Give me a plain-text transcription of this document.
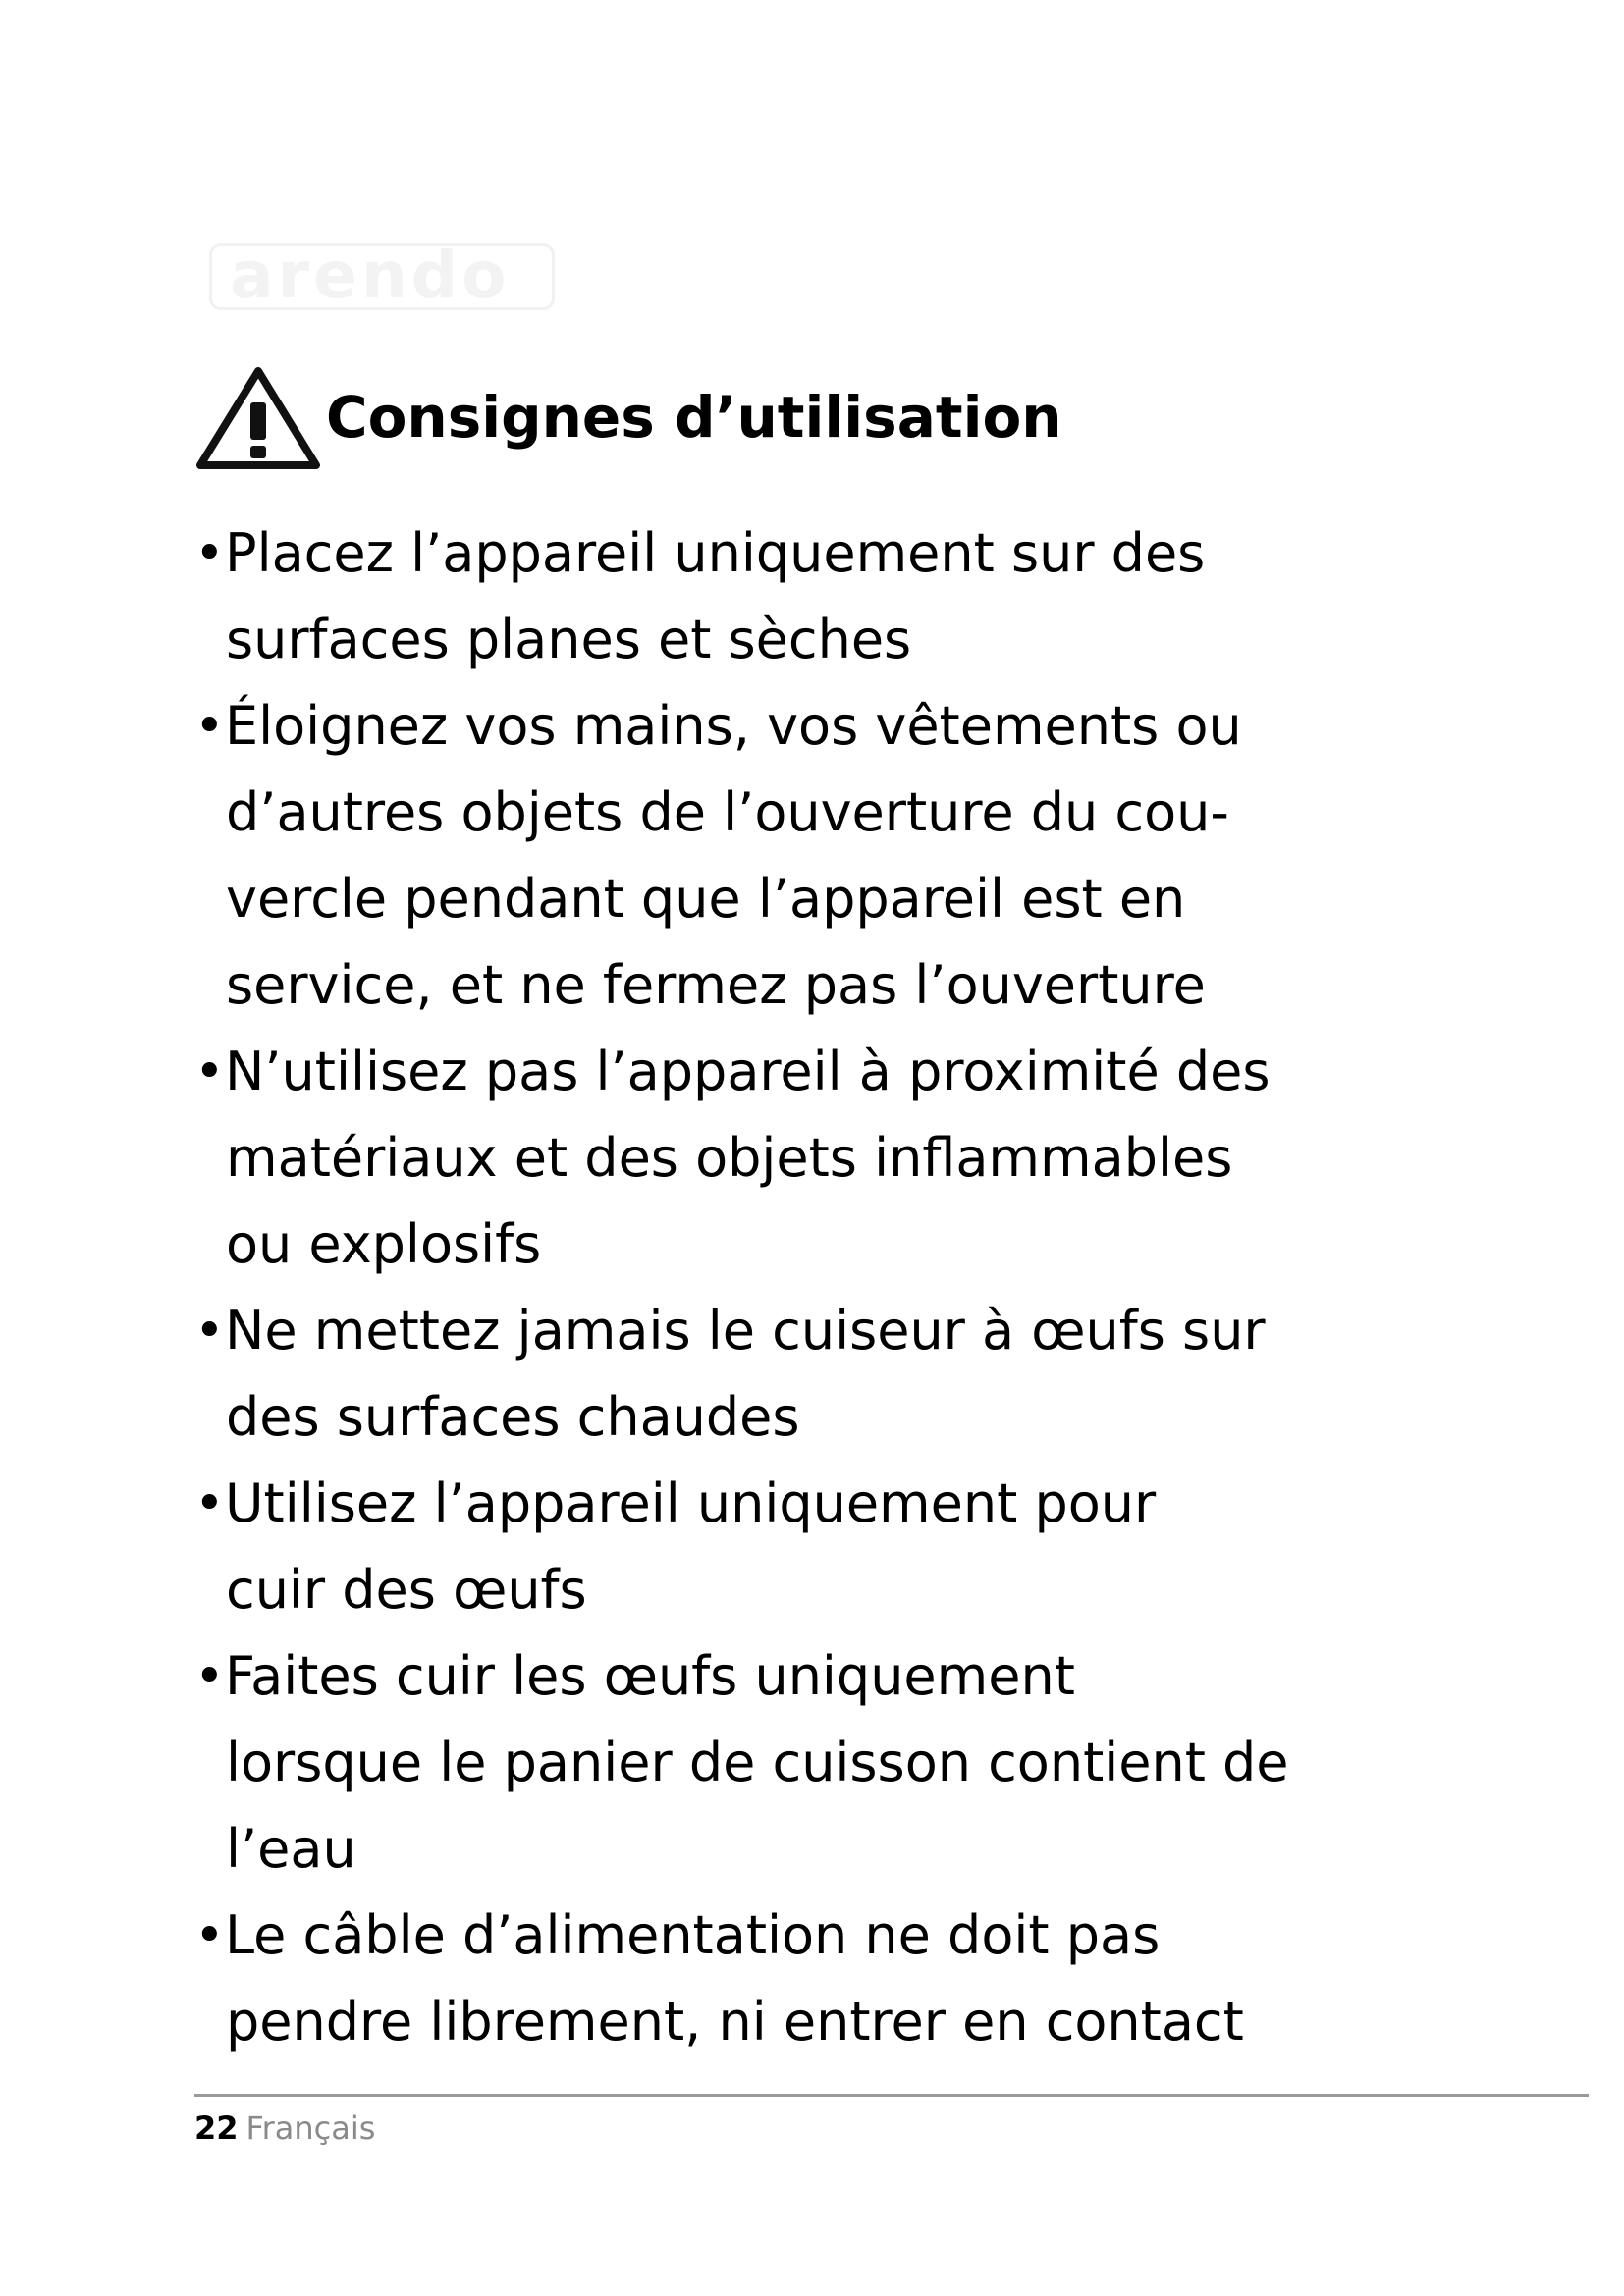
arendo
Consignes d’utilisation
• Placez l’appareil uniquement sur des
surfaces planes et sèches
• Éloignez vos mains, vos vêtements ou
d’autres objets de l’ouverture du cou-
vercle pendant que l’appareil est en
service, et ne fermez pas l’ouverture
• N’utilisez pas l’appareil à proximité des
matériaux et des objets inflammables
ou explosifs
• Ne mettez jamais le cuiseur à œufs sur
des surfaces chaudes
• Utilisez l’appareil uniquement pour
cuir des œufs
• Faites cuir les œufs uniquement
lorsque le panier de cuisson contient de
l’eau
• Le câble d’alimentation ne doit pas
pendre librement, ni entrer en contact
22 Français
